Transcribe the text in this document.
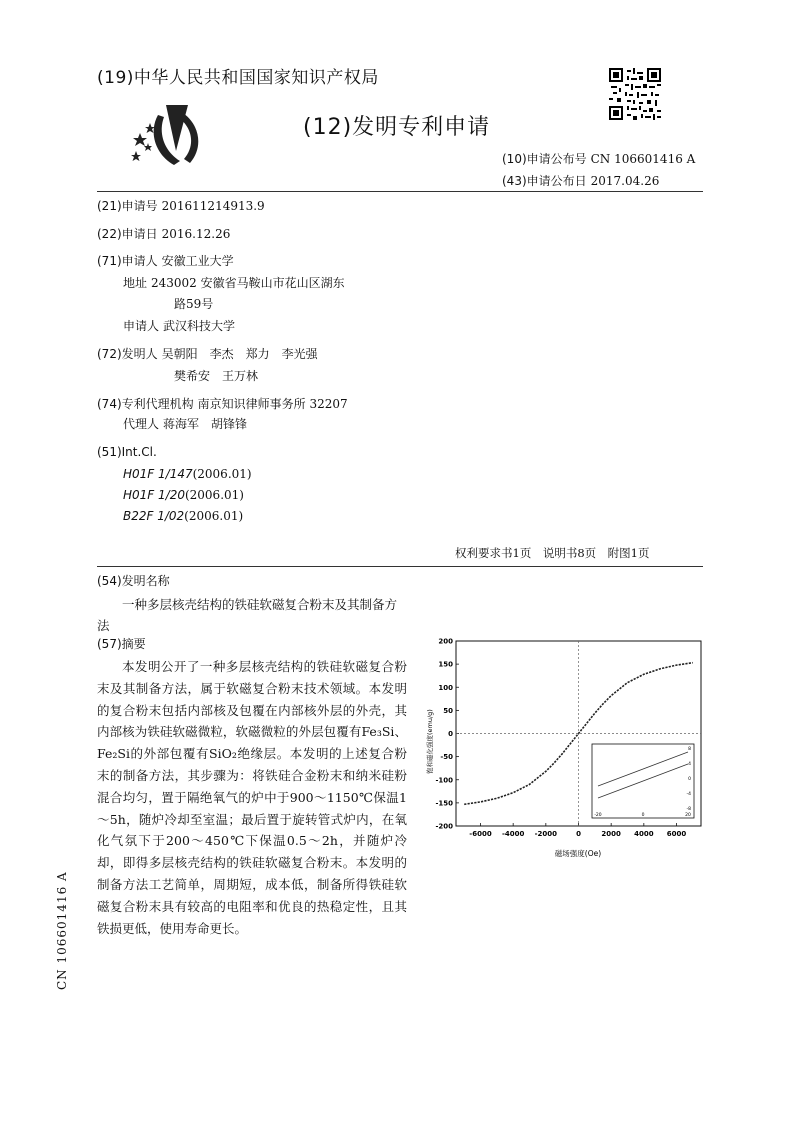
(19)中华人民共和国国家知识产权局
(12)发明专利申请
(10)申请公布号 CN 106601416 A
(43)申请公布日 2017.04.26
(21)申请号 201611214913.9
(22)申请日 2016.12.26
(71)申请人 安徽工业大学
地址 243002 安徽省马鞍山市花山区湖东
路59号
申请人 武汉科技大学
(72)发明人 吴朝阳　李杰　郑力　李光强
樊希安　王万林
(74)专利代理机构 南京知识律师事务所 32207
代理人 蒋海军　胡锋锋
(51)Int.Cl.
H01F 1/147(2006.01)
H01F 1/20(2006.01)
B22F 1/02(2006.01)
权利要求书1页　说明书8页　附图1页
(54)发明名称
一种多层核壳结构的铁硅软磁复合粉末及其制备方法
(57)摘要
本发明公开了一种多层核壳结构的铁硅软磁复合粉末及其制备方法，属于软磁复合粉末技术领域。本发明的复合粉末包括内部核及包覆在内部核外层的外壳，其内部核为铁硅软磁微粒，软磁微粒的外层包覆有Fe₃Si、Fe₂Si的外部包覆有SiO₂绝缘层。本发明的上述复合粉末的制备方法，其步骤为：将铁硅合金粉末和纳米硅粉混合均匀，置于隔绝氧气的炉中于900～1150℃保温1～5h，随炉冷却至室温；最后置于旋转管式炉内，在氧化气氛下于200～450℃下保温0.5～2h，并随炉冷却，即得多层核壳结构的铁硅软磁复合粉末。本发明的制备方法工艺简单，周期短，成本低，制备所得铁硅软磁复合粉末具有较高的电阻率和优良的热稳定性，且其铁损更低，使用寿命更长。
CN 106601416 A
200
150
100
50
0
-50
-100
-150
-200
-6000 -4000 -2000	0	2000 4000 6000
-20	0	20
8
4
0
-4
-8
饱和磁化强度(emu/g)
磁场强度(Oe)
